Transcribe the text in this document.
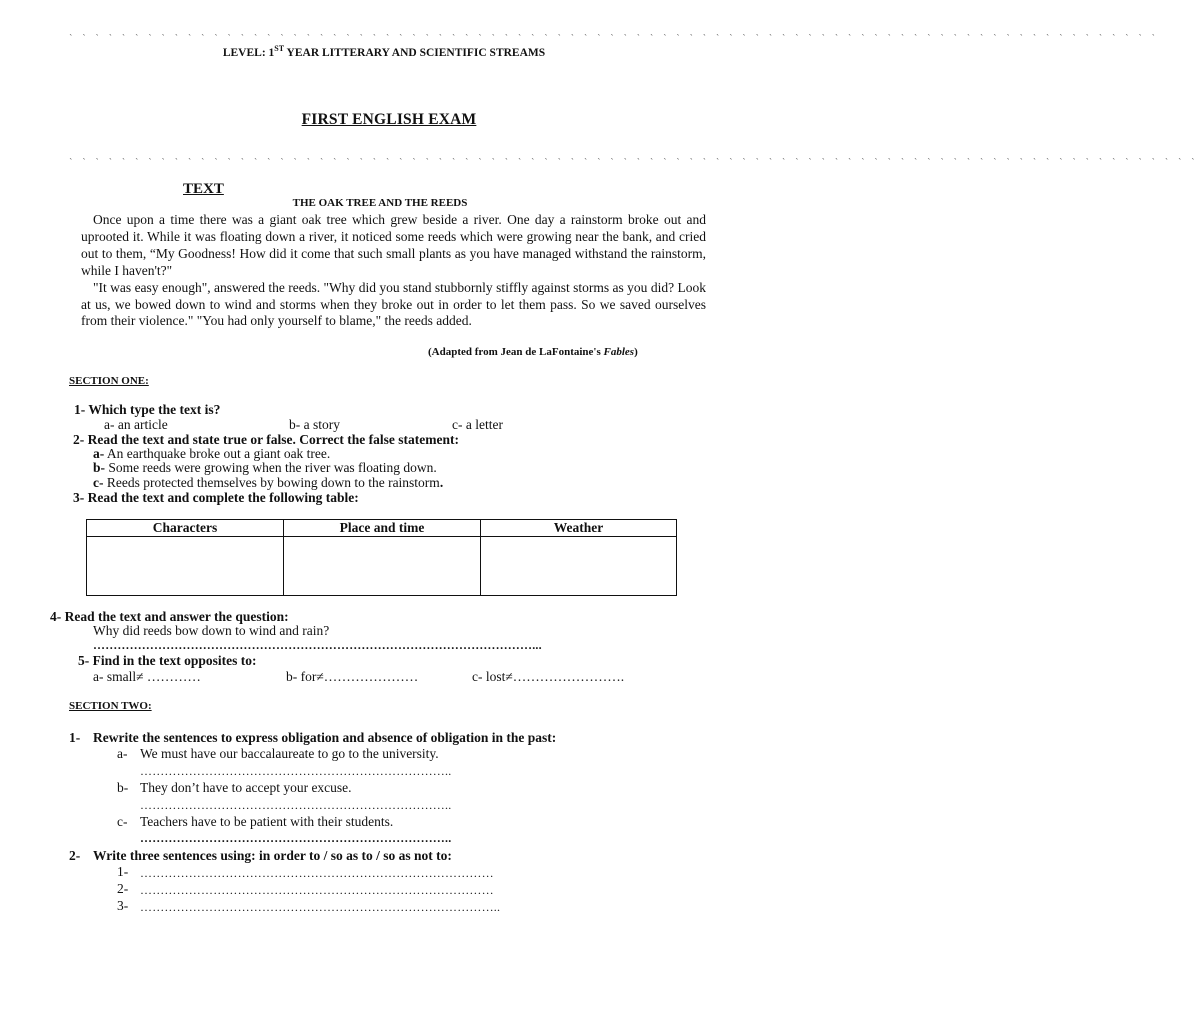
` ` ` ` ` ` ` ` ` ` ` ` ` ` ` ` ` ` ` ` ` ` ` ` ` ` ` ` ` ` ` ` ` ` ` ` ` ` ` ` ` ` ` ` ` ` ` ` ` ` ` ` ` ` ` ` ` ` ` ` ` ` ` ` ` ` ` ` ` ` ` ` ` ` ` ` ` ` ` ` ` ` `
LEVEL: 1ST YEAR LITTERARY AND SCIENTIFIC STREAMS
FIRST ENGLISH EXAM
` ` ` ` ` ` ` ` ` ` ` ` ` ` ` ` ` ` ` ` ` ` ` ` ` ` ` ` ` ` ` ` ` ` ` ` ` ` ` ` ` ` ` ` ` ` ` ` ` ` ` ` ` ` ` ` ` ` ` ` ` ` ` ` ` ` ` ` ` ` ` ` ` ` ` ` ` ` ` ` ` ` ` ` ` `
TEXT
THE OAK TREE AND THE REEDS

Once upon a time there was a giant oak tree which grew beside a river. One day a rainstorm broke out and uprooted it. While it was floating down a river, it noticed some reeds which were growing near the bank, and cried out to them, “My Goodness! How did it come that such small plants as you have managed withstand the rainstorm, while I haven't?"

"It was easy enough", answered the reeds. "Why did you stand stubbornly stiffly against storms as you did? Look at us, we bowed down to wind and storms when they broke out in order to let them pass. So we saved ourselves from their violence." "You had only yourself to blame," the reeds added.

(Adapted from Jean de LaFontaine's Fables)
SECTION ONE:
1- Which type the text is?
a- an article	b- a story	c- a letter
2- Read the text and state true or false. Correct the false statement:
a- An earthquake broke out a giant oak tree.
b- Some reeds were growing when the river was floating down.
c- Reeds protected themselves by bowing down to the rainstorm.
3- Read the text and complete the following table:
Characters	Place and time	Weather

4- Read the text and answer the question:
Why did reeds bow down to wind and rain?
………………………………………………………………………………………………...
5- Find in the text opposites to:
a- small≠ …………	b- for≠…………………	c- lost≠…………………….
SECTION TWO:
1- Rewrite the sentences to express obligation and absence of obligation in the past:
a- We must have our baccalaureate to go to the university.
…………………………………………………………………..
b- They don’t have to accept your excuse.
…………………………………………………………………..
c- Teachers have to be patient with their students.
…………………………………………………………………..
2- Write three sentences using: in order to / so as to / so as not to:
1- ……………………………………………………………………………
2- ……………………………………………………………………………
3- ……………………………………………………………………………..
